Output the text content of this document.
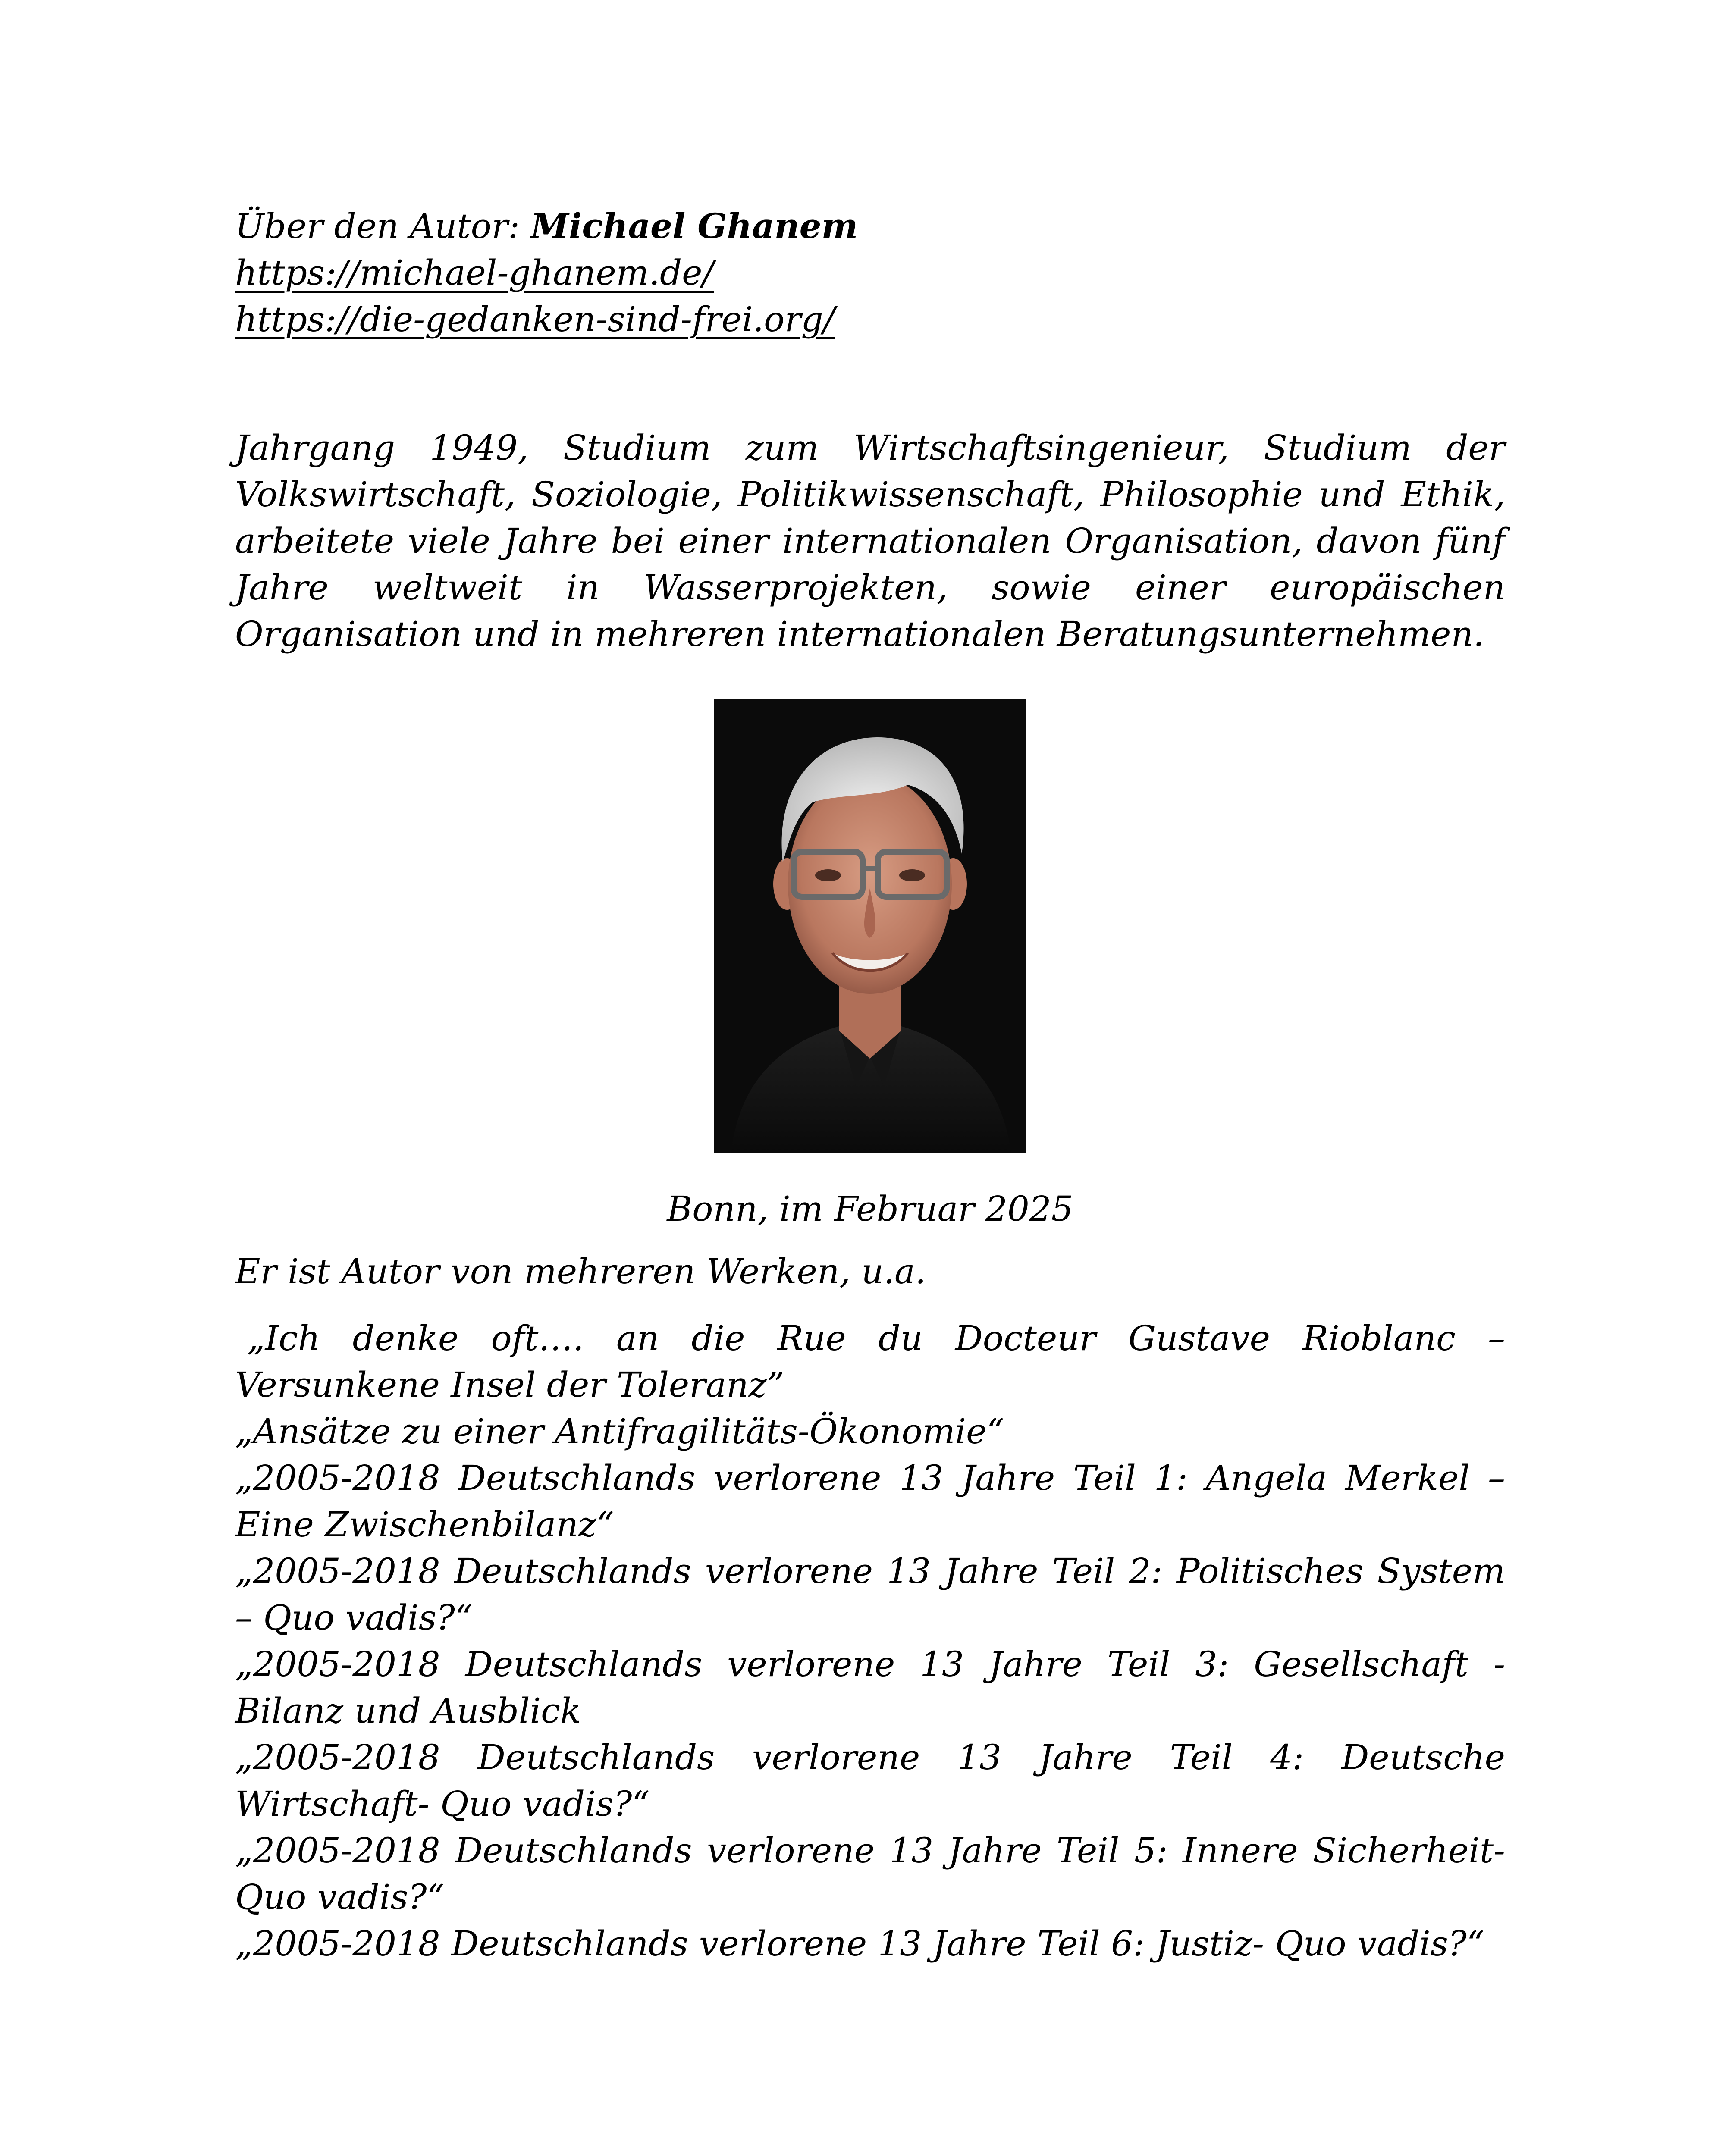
Über den Autor: Michael Ghanem

https://michael-ghanem.de/

https://die-gedanken-sind-frei.org/

Jahrgang 1949, Studium zum Wirtschaftsingenieur, Studium der Volkswirtschaft, Soziologie, Politikwissenschaft, Philosophie und Ethik, arbeitete viele Jahre bei einer internationalen Organisation, davon fünf Jahre weltweit in Wasserprojekten, sowie einer europäischen Organisation und in mehreren internationalen Beratungsunternehmen.

Bonn, im Februar 2025
Er ist Autor von mehreren Werken, u.a.
„Ich denke oft…. an die Rue du Docteur Gustave Rioblanc – Versunkene Insel der Toleranz”
„Ansätze zu einer Antifragilitäts-Ökonomie“
„2005-2018 Deutschlands verlorene 13 Jahre Teil 1: Angela Merkel – Eine Zwischenbilanz“
„2005-2018 Deutschlands verlorene 13 Jahre Teil 2: Politisches System – Quo vadis?“
„2005-2018 Deutschlands verlorene 13 Jahre Teil 3: Gesellschaft - Bilanz und Ausblick
„2005-2018 Deutschlands verlorene 13 Jahre Teil 4: Deutsche Wirtschaft- Quo vadis?“
„2005-2018 Deutschlands verlorene 13 Jahre Teil 5: Innere Sicherheit- Quo vadis?“
„2005-2018 Deutschlands verlorene 13 Jahre Teil 6: Justiz- Quo vadis?“
